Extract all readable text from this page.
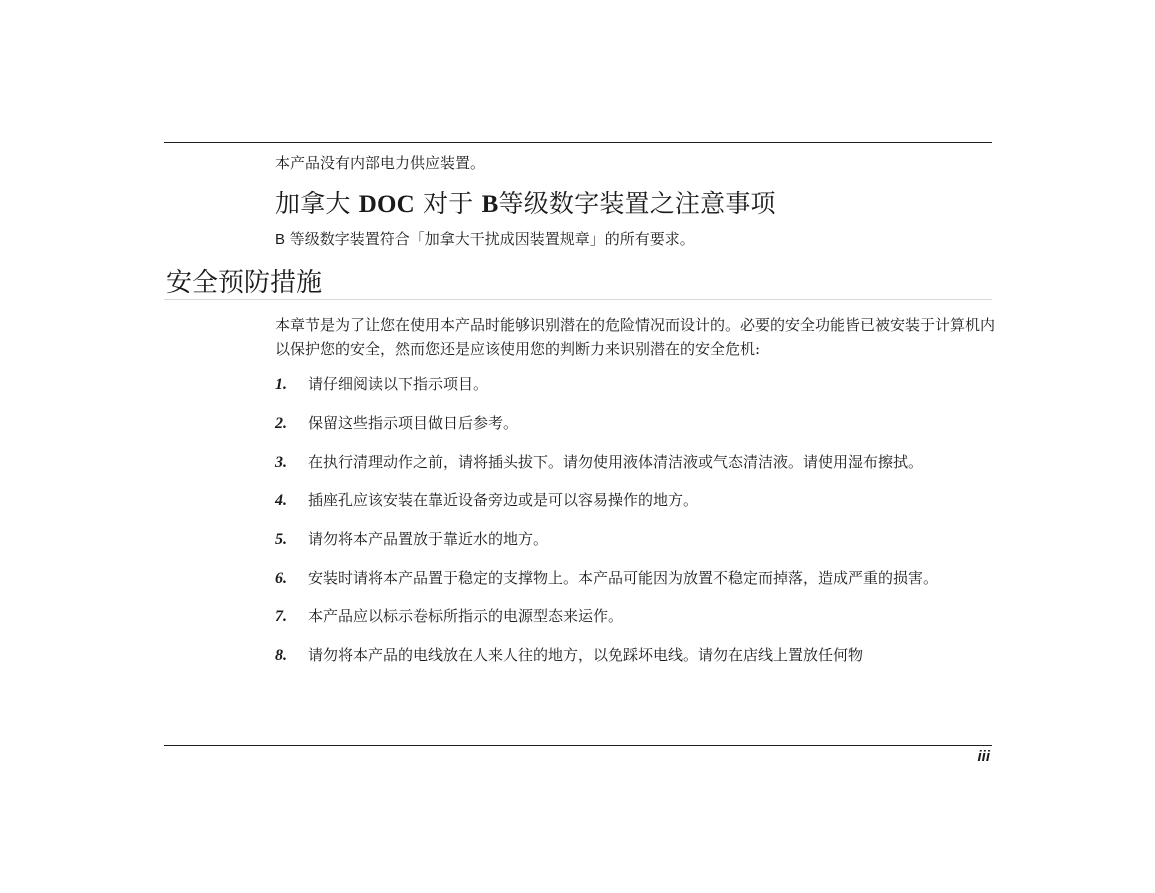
本产品没有内部电力供应装置。
加拿大 DOC 对于 B等级数字装置之注意事项
B 等级数字装置符合「加拿大干扰成因装置规章」的所有要求。
安全预防措施
本章节是为了让您在使用本产品时能够识别潜在的危险情况而设计的。必要的安全功能皆已被安装于计算机内以保护您的安全，然而您还是应该使用您的判断力来识别潜在的安全危机:
1. 请仔细阅读以下指示项目。
2. 保留这些指示项目做日后参考。
3. 在执行清理动作之前，请将插头拔下。请勿使用液体清洁液或气态清洁液。请使用湿布擦拭。
4. 插座孔应该安装在靠近设备旁边或是可以容易操作的地方。
5. 请勿将本产品置放于靠近水的地方。
6. 安装时请将本产品置于稳定的支撑物上。本产品可能因为放置不稳定而掉落，造成严重的损害。
7. 本产品应以标示卷标所指示的电源型态来运作。
8. 请勿将本产品的电线放在人来人往的地方，以免踩坏电线。请勿在店线上置放任何物
iii
